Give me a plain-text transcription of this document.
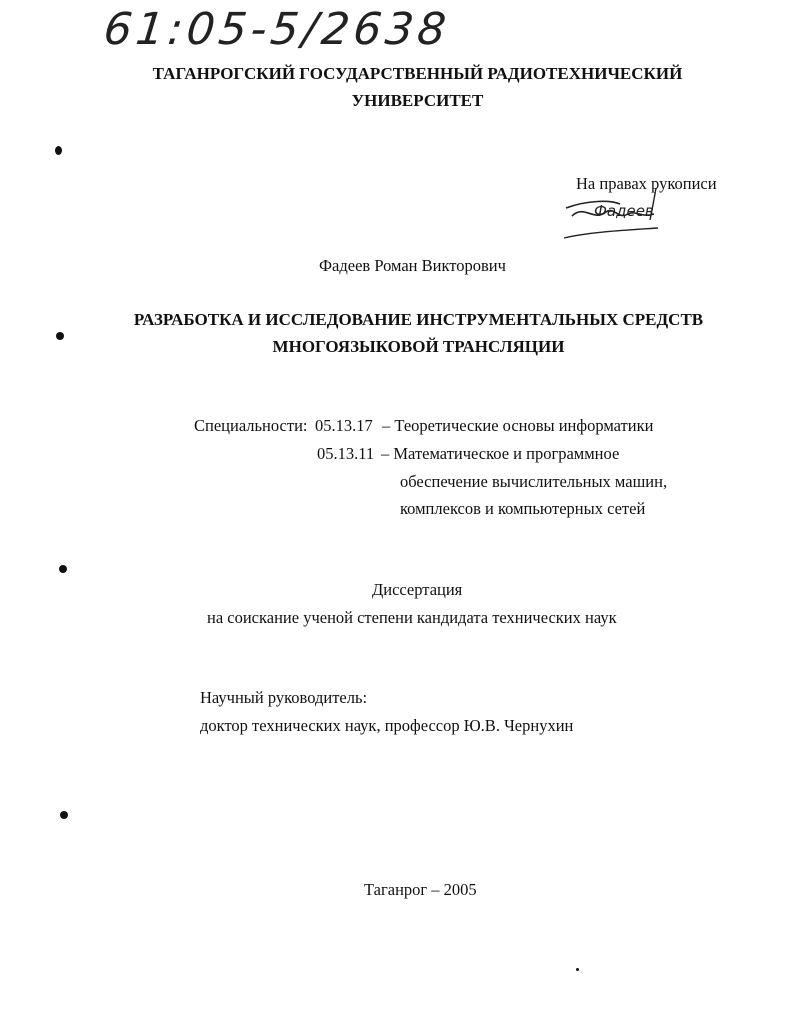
61:05-5/2638
ТАГАНРОГСКИЙ ГОСУДАРСТВЕННЫЙ РАДИОТЕХНИЧЕСКИЙ
УНИВЕРСИТЕТ
На правах рукописи
Фадеев
Фадеев Роман Викторович
РАЗРАБОТКА И ИССЛЕДОВАНИЕ ИНСТРУМЕНТАЛЬНЫХ СРЕДСТВ
МНОГОЯЗЫКОВОЙ ТРАНСЛЯЦИИ
Специальности: 05.13.17 – Теоретические основы информатики
05.13.11 – Математическое и программное
обеспечение вычислительных машин,
комплексов и компьютерных сетей
Диссертация
на соискание ученой степени кандидата технических наук
Научный руководитель:
доктор технических наук, профессор Ю.В. Чернухин
Таганрог – 2005
